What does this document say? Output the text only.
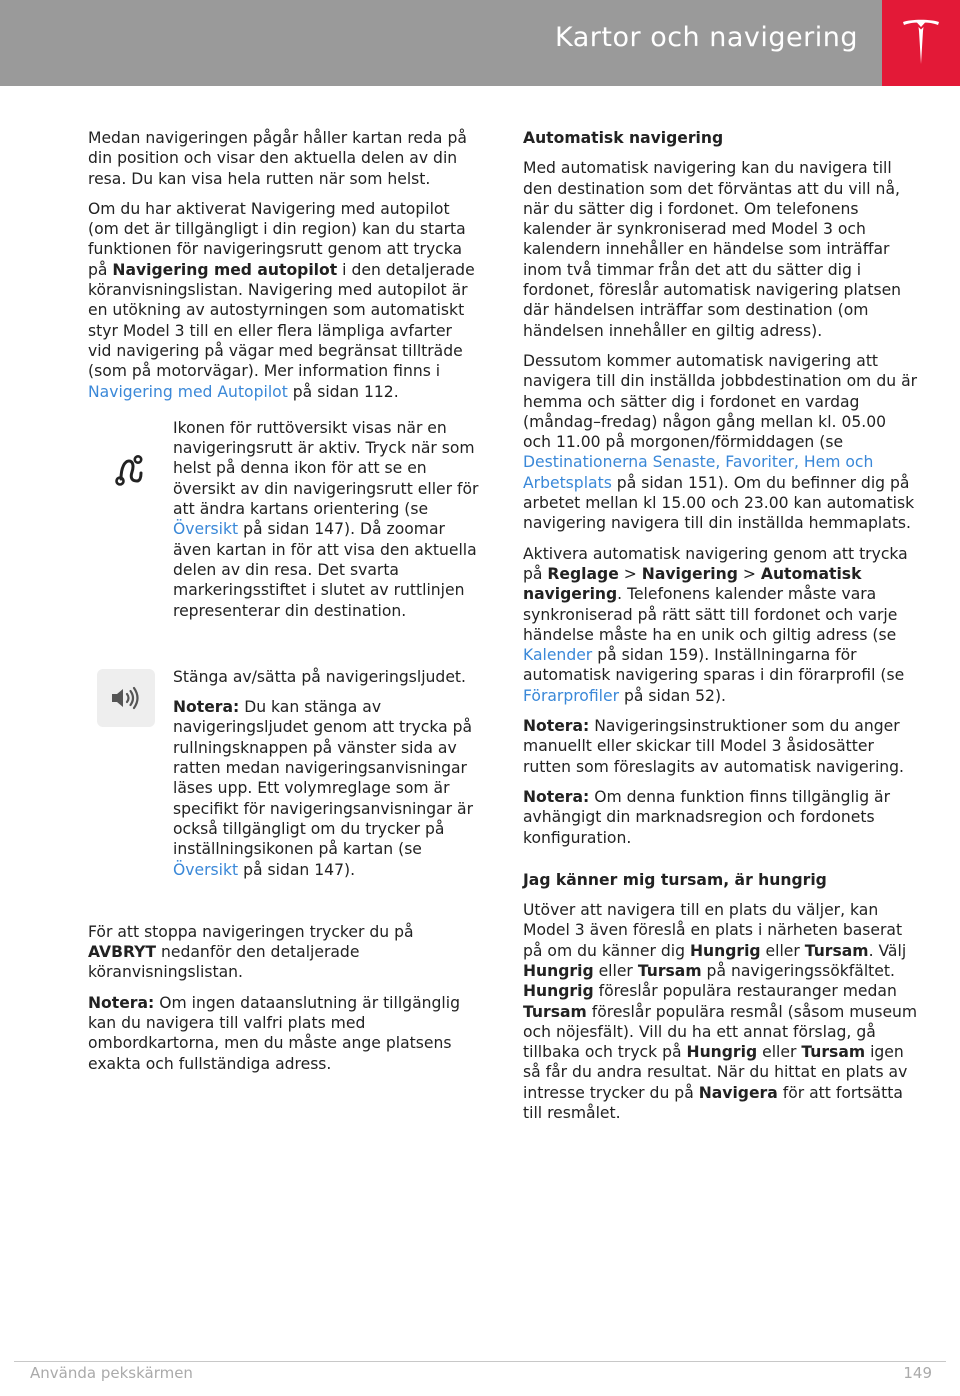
Kartor och navigering

Medan navigeringen pågår håller kartan reda på din position och visar den aktuella delen av din resa. Du kan visa hela rutten när som helst.

Om du har aktiverat Navigering med autopilot (om det är tillgängligt i din region) kan du starta funktionen för navigeringsrutt genom att trycka på Navigering med autopilot i den detaljerade köranvisningslistan. Navigering med autopilot är en utökning av autostyrningen som automatiskt styr Model 3 till en eller flera lämpliga avfarter vid navigering på vägar med begränsat tillträde (som på motorvägar). Mer information finns i Navigering med Autopilot på sidan 112.

Ikonen för ruttöversikt visas när en navigeringsrutt är aktiv. Tryck när som helst på denna ikon för att se en översikt av din navigeringsrutt eller för att ändra kartans orientering (se Översikt på sidan 147). Då zoomar även kartan in för att visa den aktuella delen av din resa. Det svarta markeringsstiftet i slutet av ruttlinjen representerar din destination.

Stänga av/sätta på navigeringsljudet.

Notera: Du kan stänga av navigeringsljudet genom att trycka på rullningsknappen på vänster sida av ratten medan navigeringsanvisningar läses upp. Ett volymreglage som är specifikt för navigeringsanvisningar är också tillgängligt om du trycker på inställningsikonen på kartan (se Översikt på sidan 147).

För att stoppa navigeringen trycker du på AVBRYT nedanför den detaljerade köranvisningslistan.

Notera: Om ingen dataanslutning är tillgänglig kan du navigera till valfri plats med ombordkartorna, men du måste ange platsens exakta och fullständiga adress.

Automatisk navigering

Med automatisk navigering kan du navigera till den destination som det förväntas att du vill nå, när du sätter dig i fordonet. Om telefonens kalender är synkroniserad med Model 3 och kalendern innehåller en händelse som inträffar inom två timmar från det att du sätter dig i fordonet, föreslår automatisk navigering platsen där händelsen inträffar som destination (om händelsen innehåller en giltig adress).

Dessutom kommer automatisk navigering att navigera till din inställda jobbdestination om du är hemma och sätter dig i fordonet en vardag (måndag–fredag) någon gång mellan kl. 05.00 och 11.00 på morgonen/förmiddagen (se Destinationerna Senaste, Favoriter, Hem och Arbetsplats på sidan 151). Om du befinner dig på arbetet mellan kl 15.00 och 23.00 kan automatisk navigering navigera till din inställda hemmaplats.

Aktivera automatisk navigering genom att trycka på Reglage > Navigering > Automatisk navigering. Telefonens kalender måste vara synkroniserad på rätt sätt till fordonet och varje händelse måste ha en unik och giltig adress (se Kalender på sidan 159). Inställningarna för automatisk navigering sparas i din förarprofil (se Förarprofiler på sidan 52).

Notera: Navigeringsinstruktioner som du anger manuellt eller skickar till Model 3 åsidosätter rutten som föreslagits av automatisk navigering.

Notera: Om denna funktion finns tillgänglig är avhängigt din marknadsregion och fordonets konfiguration.

Jag känner mig tursam, är hungrig

Utöver att navigera till en plats du väljer, kan Model 3 även föreslå en plats i närheten baserat på om du känner dig Hungrig eller Tursam. Välj Hungrig eller Tursam på navigeringssökfältet. Hungrig föreslår populära restauranger medan Tursam föreslår populära resmål (såsom museum och nöjesfält). Vill du ha ett annat förslag, gå tillbaka och tryck på Hungrig eller Tursam igen så får du andra resultat. När du hittat en plats av intresse trycker du på Navigera för att fortsätta till resmålet.

Använda pekskärmen	149
